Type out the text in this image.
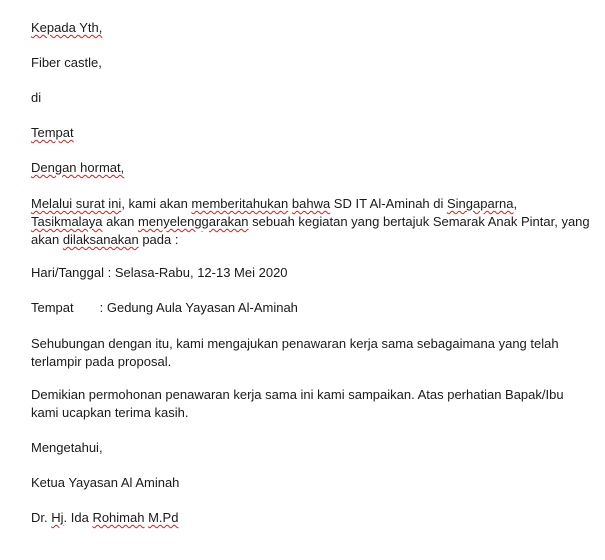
Kepada Yth,
Fiber castle,
di
Tempat
Dengan hormat,
Melalui surat ini, kami akan memberitahukan bahwa SD IT Al-Aminah di Singaparna,
Tasikmalaya akan menyelenggarakan sebuah kegiatan yang bertajuk Semarak Anak Pintar, yang
akan dilaksanakan pada :
Hari/Tanggal : Selasa-Rabu, 12-13 Mei 2020
Tempat : Gedung Aula Yayasan Al-Aminah
Sehubungan dengan itu, kami mengajukan penawaran kerja sama sebagaimana yang telah
terlampir pada proposal.
Demikian permohonan penawaran kerja sama ini kami sampaikan. Atas perhatian Bapak/Ibu
kami ucapkan terima kasih.
Mengetahui,
Ketua Yayasan Al Aminah
Dr. Hj. Ida Rohimah M.Pd
